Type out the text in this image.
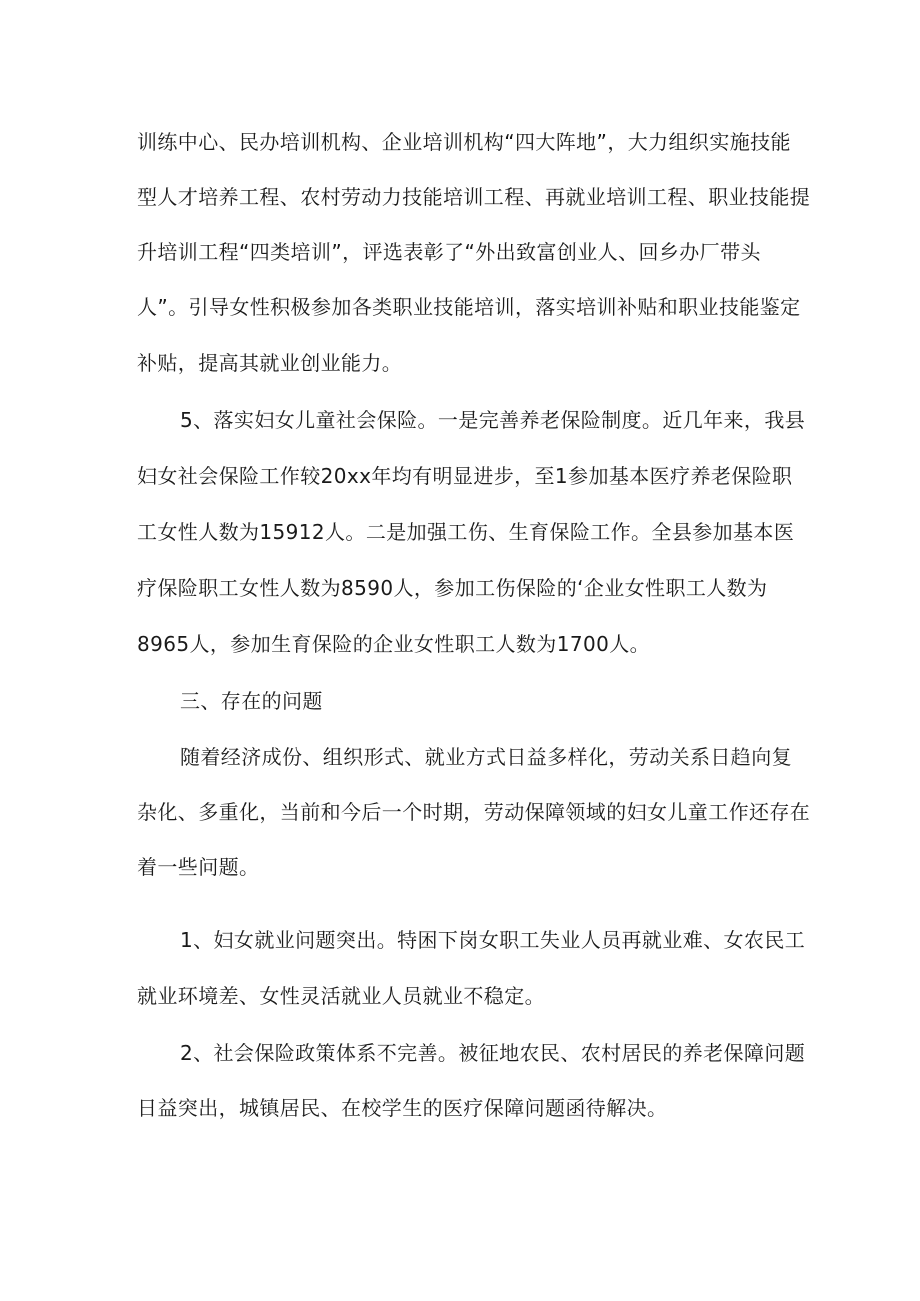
训练中心、民办培训机构、企业培训机构“四大阵地”，大力组织实施技能
型人才培养工程、农村劳动力技能培训工程、再就业培训工程、职业技能提
升培训工程“四类培训”，评选表彰了“外出致富创业人、回乡办厂带头
人”。引导女性积极参加各类职业技能培训，落实培训补贴和职业技能鉴定
补贴，提高其就业创业能力。
5、落实妇女儿童社会保险。一是完善养老保险制度。近几年来，我县
妇女社会保险工作较20xx年均有明显进步，至1参加基本医疗养老保险职
工女性人数为15912人。二是加强工伤、生育保险工作。全县参加基本医
疗保险职工女性人数为8590人，参加工伤保险的‘企业女性职工人数为
8965人，参加生育保险的企业女性职工人数为1700人。
三、存在的问题
随着经济成份、组织形式、就业方式日益多样化，劳动关系日趋向复
杂化、多重化，当前和今后一个时期，劳动保障领域的妇女儿童工作还存在
着一些问题。
1、妇女就业问题突出。特困下岗女职工失业人员再就业难、女农民工
就业环境差、女性灵活就业人员就业不稳定。
2、社会保险政策体系不完善。被征地农民、农村居民的养老保障问题
日益突出，城镇居民、在校学生的医疗保障问题函待解决。
